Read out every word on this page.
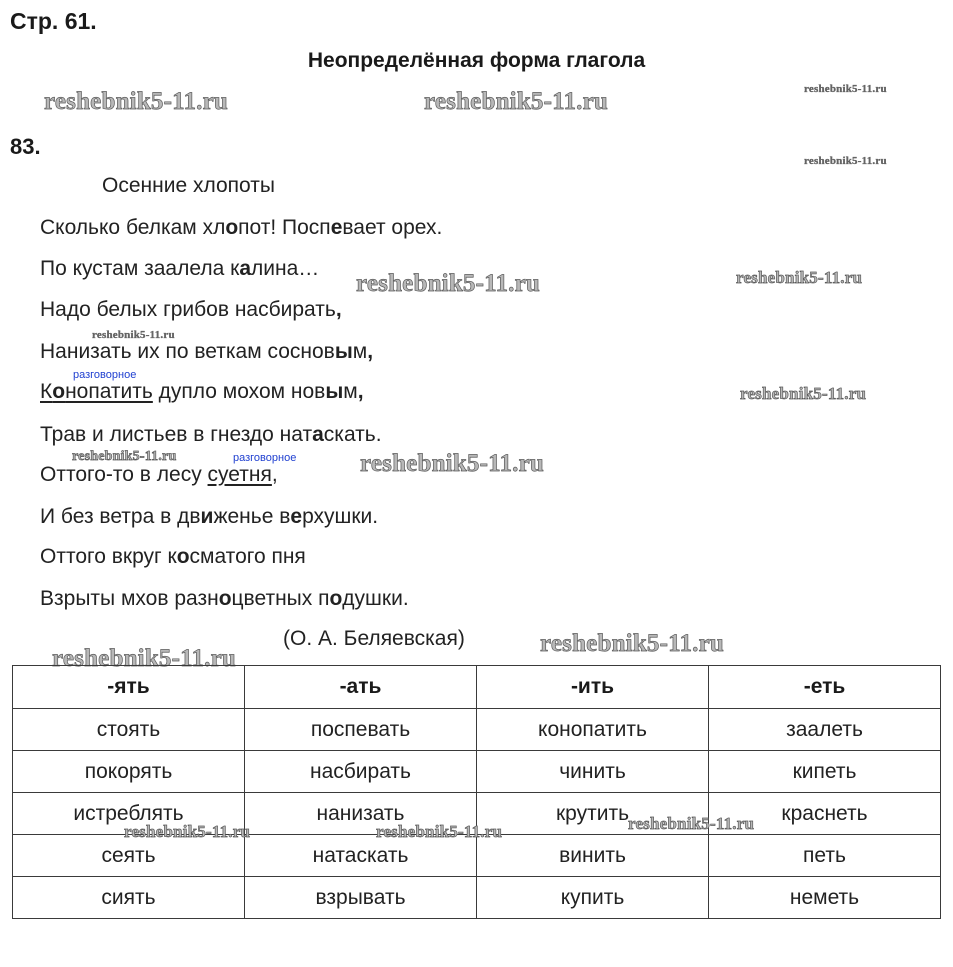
Стр. 61.
Неопределённая форма глагола
reshebnik5-11.ru	reshebnik5-11.ru	reshebnik5-11.ru
reshebnik5-11.ru
reshebnik5-11.ru	reshebnik5-11.ru
reshebnik5-11.ru
reshebnik5-11.ru
reshebnik5-11.ru	reshebnik5-11.ru
reshebnik5-11.ru
reshebnik5-11.ru
83.
Осенние хлопоты
Сколько белкам хлопот! Поспевает орех.
По кустам заалела калина…
Надо белых грибов насбирать,
Нанизать их по веткам сосновым,
разговорное
Конопатить дупло мохом новым,
Трав и листьев в гнездо натаскать.
разговорное
Оттого-то в лесу суетня,
И без ветра в движенье верхушки.
Оттого вкруг косматого пня
Взрыты мхов разноцветных подушки.
(О. А. Беляевская)
-ять	-ать	-ить	-еть
стоять	поспевать	конопатить	заалеть
покорять	насбирать	чинить	кипеть
истреблять	нанизать	крутить	краснеть
сеять	натаскать	винить	петь
сиять	взрывать	купить	неметь
reshebnik5-11.ru	reshebnik5-11.ru	reshebnik5-11.ru
